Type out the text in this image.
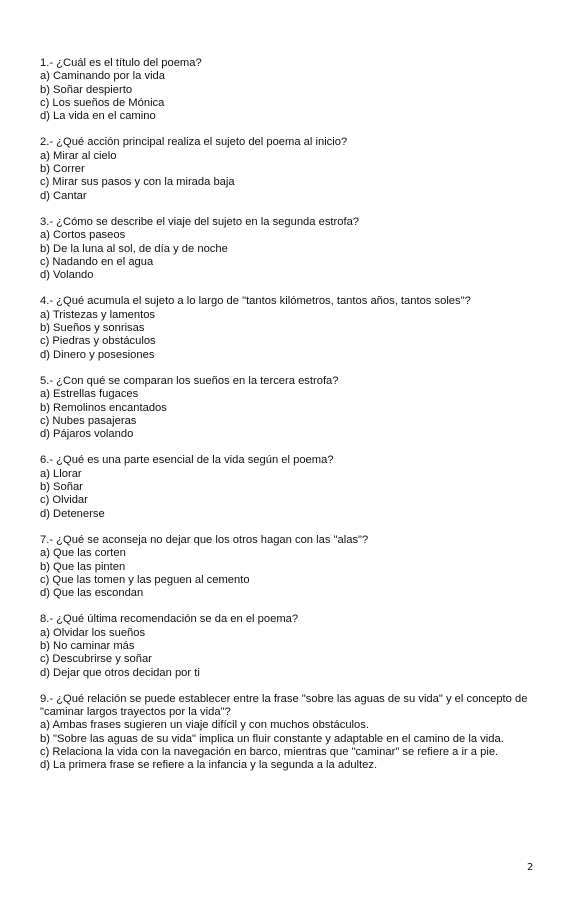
1.- ¿Cuál es el título del poema?
a) Caminando por la vida
b) Soñar despierto
c) Los sueños de Mónica
d) La vida en el camino
2.- ¿Qué acción principal realiza el sujeto del poema al inicio?
a) Mirar al cielo
b) Correr
c) Mirar sus pasos y con la mirada baja
d) Cantar
3.- ¿Cómo se describe el viaje del sujeto en la segunda estrofa?
a) Cortos paseos
b) De la luna al sol, de día y de noche
c) Nadando en el agua
d) Volando
4.- ¿Qué acumula el sujeto a lo largo de "tantos kilómetros, tantos años, tantos soles"?
a) Tristezas y lamentos
b) Sueños y sonrisas
c) Piedras y obstáculos
d) Dinero y posesiones
5.- ¿Con qué se comparan los sueños en la tercera estrofa?
a) Estrellas fugaces
b) Remolinos encantados
c) Nubes pasajeras
d) Pájaros volando
6.- ¿Qué es una parte esencial de la vida según el poema?
a) Llorar
b) Soñar
c) Olvidar
d) Detenerse
7.- ¿Qué se aconseja no dejar que los otros hagan con las "alas"?
a) Que las corten
b) Que las pinten
c) Que las tomen y las peguen al cemento
d) Que las escondan
8.- ¿Qué última recomendación se da en el poema?
a) Olvidar los sueños
b) No caminar más
c) Descubrirse y soñar
d) Dejar que otros decidan por ti
9.- ¿Qué relación se puede establecer entre la frase "sobre las aguas de su vida" y el concepto de "caminar largos trayectos por la vida"?
a) Ambas frases sugieren un viaje difícil y con muchos obstáculos.
b) "Sobre las aguas de su vida" implica un fluir constante y adaptable en el camino de la vida.
c) Relaciona la vida con la navegación en barco, mientras que "caminar" se refiere a ir a pie.
d) La primera frase se refiere a la infancia y la segunda a la adultez.
2
